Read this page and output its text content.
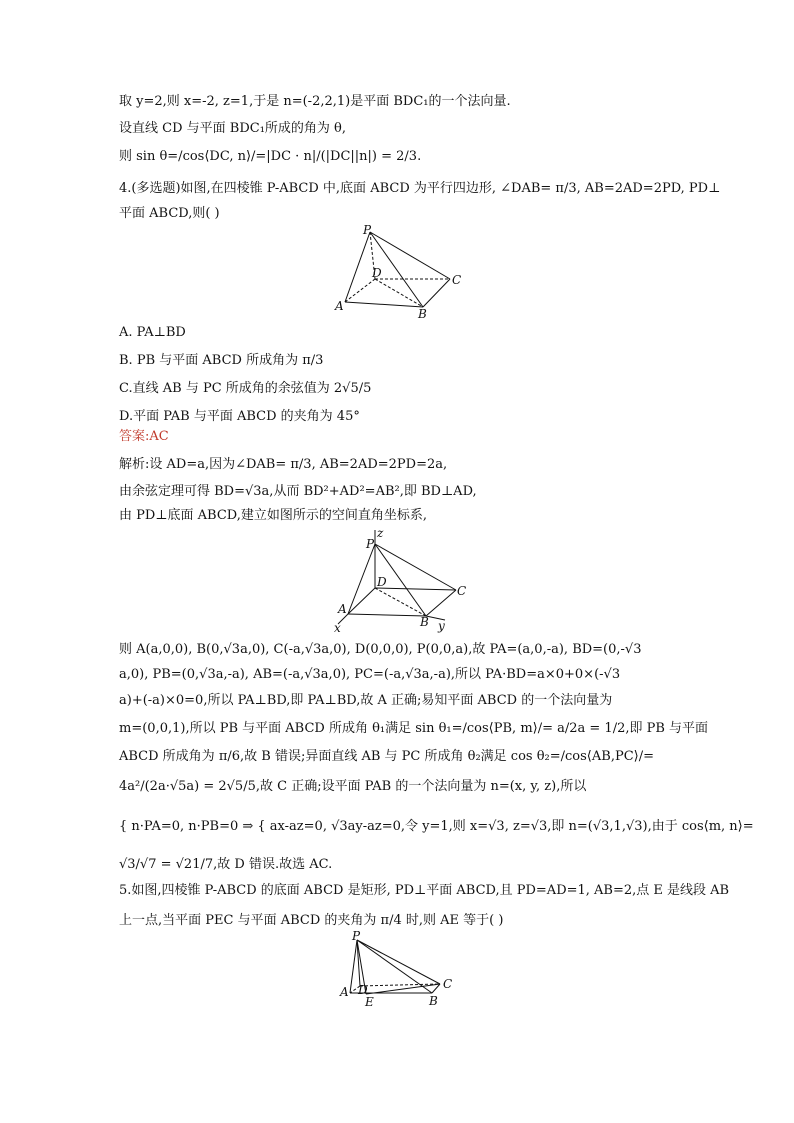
取 y=2,则 x=-2, z=1,于是 n=(-2,2,1)是平面 BDC₁的一个法向量.
设直线 CD 与平面 BDC₁所成的角为 θ,
则 sin θ=/cos⟨DC, n⟩/=|DC · n|/(|DC||n|) = 2/3.
4.(多选题)如图,在四棱锥 P-ABCD 中,底面 ABCD 为平行四边形, ∠DAB= π/3, AB=2AD=2PD, PD⊥
平面 ABCD,则( )
P
D	C
A
B
A. PA⊥BD
B. PB 与平面 ABCD 所成角为 π/3
C.直线 AB 与 PC 所成角的余弦值为 2√5/5
D.平面 PAB 与平面 ABCD 的夹角为 45°
答案:AC
解析:设 AD=a,因为∠DAB= π/3, AB=2AD=2PD=2a,
由余弦定理可得 BD=√3a,从而 BD²+AD²=AB²,即 BD⊥AD,
由 PD⊥底面 ABCD,建立如图所示的空间直角坐标系,
z
P
D
C
A
B
x	y
则 A(a,0,0), B(0,√3a,0), C(-a,√3a,0), D(0,0,0), P(0,0,a),故 PA=(a,0,-a), BD=(0,-√3
a,0), PB=(0,√3a,-a), AB=(-a,√3a,0), PC=(-a,√3a,-a),所以 PA·BD=a×0+0×(-√3
a)+(-a)×0=0,所以 PA⊥BD,即 PA⊥BD,故 A 正确;易知平面 ABCD 的一个法向量为
m=(0,0,1),所以 PB 与平面 ABCD 所成角 θ₁满足 sin θ₁=/cos⟨PB, m⟩/= a/2a = 1/2,即 PB 与平面
ABCD 所成角为 π/6,故 B 错误;异面直线 AB 与 PC 所成角 θ₂满足 cos θ₂=/cos⟨AB,PC⟩/=
4a²/(2a·√5a) = 2√5/5,故 C 正确;设平面 PAB 的一个法向量为 n=(x, y, z),所以
{ n·PA=0, n·PB=0 ⇒ { ax-az=0, √3ay-az=0,令 y=1,则 x=√3, z=√3,即 n=(√3,1,√3),由于 cos⟨m, n⟩=
√3/√7 = √21/7,故 D 错误.故选 AC.
5.如图,四棱锥 P-ABCD 的底面 ABCD 是矩形, PD⊥平面 ABCD,且 PD=AD=1, AB=2,点 E 是线段 AB
上一点,当平面 PEC 与平面 ABCD 的夹角为 π/4 时,则 AE 等于( )
P
A D
E	B
C
